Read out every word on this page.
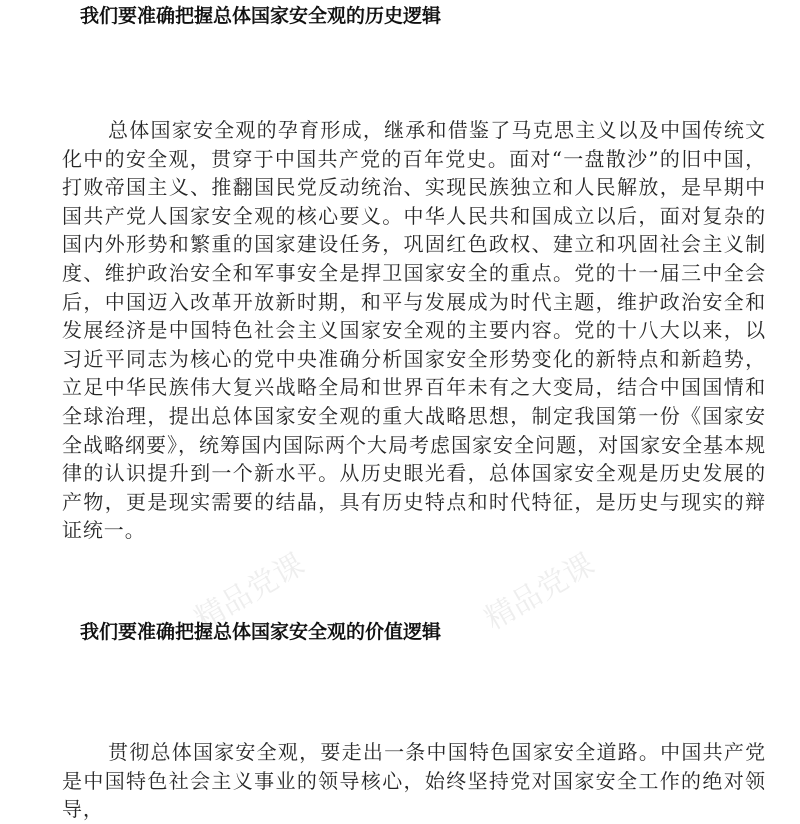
我们要准确把握总体国家安全观的历史逻辑

总体国家安全观的孕育形成，继承和借鉴了马克思主义以及中国传统文化中的安全观，贯穿于中国共产党的百年党史。面对“一盘散沙”的旧中国，打败帝国主义、推翻国民党反动统治、实现民族独立和人民解放，是早期中国共产党人国家安全观的核心要义。中华人民共和国成立以后，面对复杂的国内外形势和繁重的国家建设任务，巩固红色政权、建立和巩固社会主义制度、维护政治安全和军事安全是捍卫国家安全的重点。党的十一届三中全会后，中国迈入改革开放新时期，和平与发展成为时代主题，维护政治安全和发展经济是中国特色社会主义国家安全观的主要内容。党的十八大以来，以习近平同志为核心的党中央准确分析国家安全形势变化的新特点和新趋势，立足中华民族伟大复兴战略全局和世界百年未有之大变局，结合中国国情和全球治理，提出总体国家安全观的重大战略思想，制定我国第一份《国家安全战略纲要》，统筹国内国际两个大局考虑国家安全问题，对国家安全基本规律的认识提升到一个新水平。从历史眼光看，总体国家安全观是历史发展的产物，更是现实需要的结晶，具有历史特点和时代特征，是历史与现实的辩证统一。

精品党课	精品党课
我们要准确把握总体国家安全观的价值逻辑

贯彻总体国家安全观，要走出一条中国特色国家安全道路。中国共产党是中国特色社会主义事业的领导核心，始终坚持党对国家安全工作的绝对领导，
